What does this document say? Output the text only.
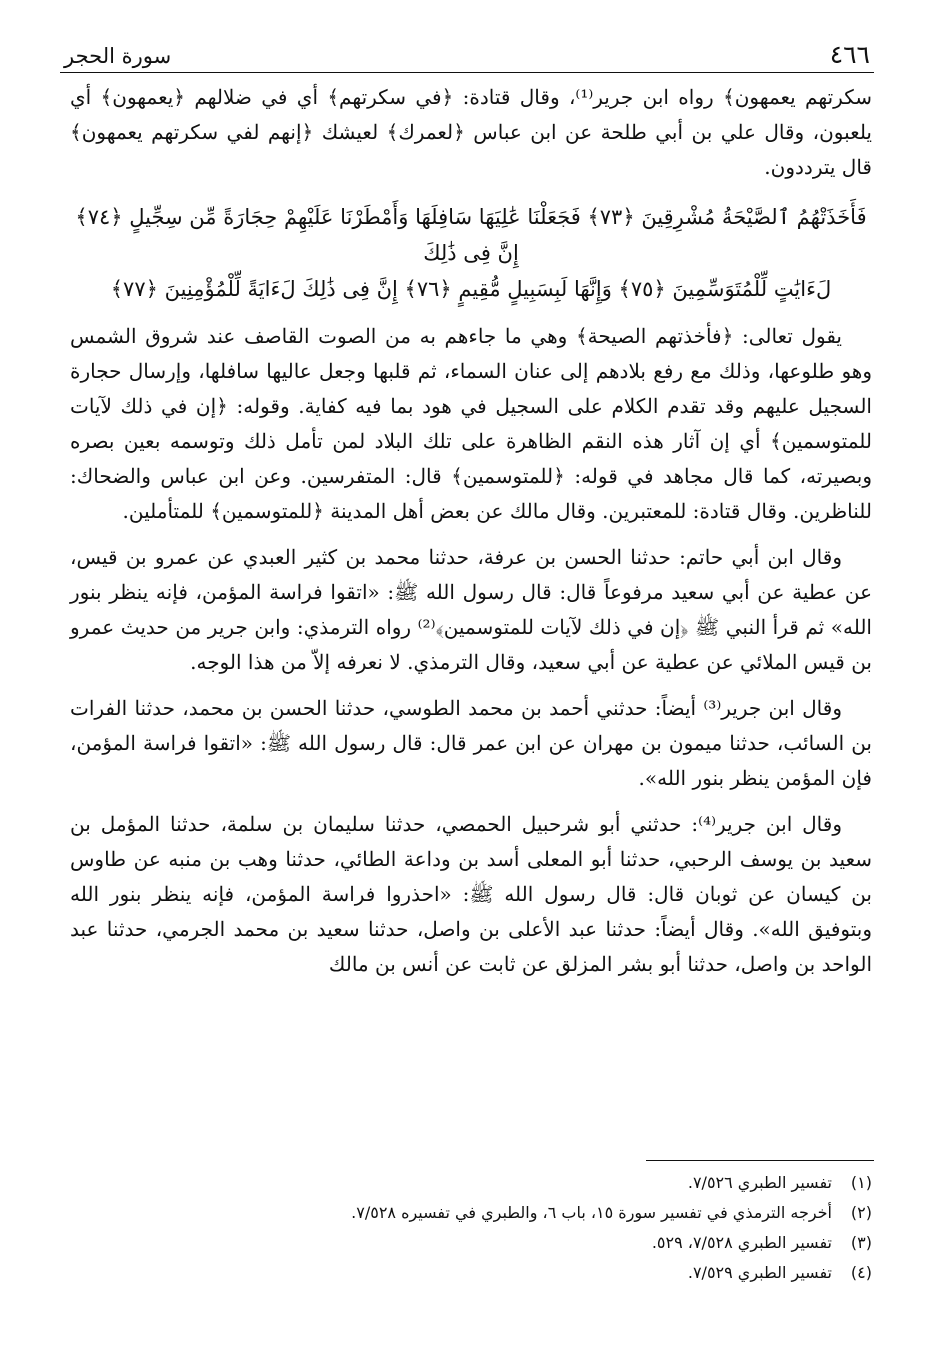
٤٦٦
سورة الحجر

سكرتهم يعمهون﴾ رواه ابن جرير⁽¹⁾، وقال قتادة: ﴿في سكرتهم﴾ أي في ضلالهم ﴿يعمهون﴾ أي يلعبون، وقال علي بن أبي طلحة عن ابن عباس ﴿لعمرك﴾ لعيشك ﴿إنهم لفي سكرتهم يعمهون﴾ قال يترددون.

فَأَخَذَتْهُمُ ٱلصَّيْحَةُ مُشْرِقِينَ ﴿٧٣﴾ فَجَعَلْنَا عَٰلِيَهَا سَافِلَهَا وَأَمْطَرْنَا عَلَيْهِمْ حِجَارَةً مِّن سِجِّيلٍ ﴿٧٤﴾ إِنَّ فِى ذَٰلِكَ
لَءَايَٰتٍ لِّلْمُتَوَسِّمِينَ ﴿٧٥﴾ وَإِنَّهَا لَبِسَبِيلٍ مُّقِيمٍ ﴿٧٦﴾ إِنَّ فِى ذَٰلِكَ لَءَايَةً لِّلْمُؤْمِنِينَ ﴿٧٧﴾

يقول تعالى: ﴿فأخذتهم الصيحة﴾ وهي ما جاءهم به من الصوت القاصف عند شروق الشمس وهو طلوعها، وذلك مع رفع بلادهم إلى عنان السماء، ثم قلبها وجعل عاليها سافلها، وإرسال حجارة السجيل عليهم وقد تقدم الكلام على السجيل في هود بما فيه كفاية. وقوله: ﴿إن في ذلك لآيات للمتوسمين﴾ أي إن آثار هذه النقم الظاهرة على تلك البلاد لمن تأمل ذلك وتوسمه بعين بصره وبصيرته، كما قال مجاهد في قوله: ﴿للمتوسمين﴾ قال: المتفرسين. وعن ابن عباس والضحاك: للناظرين. وقال قتادة: للمعتبرين. وقال مالك عن بعض أهل المدينة ﴿للمتوسمين﴾ للمتأملين.

وقال ابن أبي حاتم: حدثنا الحسن بن عرفة، حدثنا محمد بن كثير العبدي عن عمرو بن قيس، عن عطية عن أبي سعيد مرفوعاً قال: قال رسول الله ﷺ: «اتقوا فراسة المؤمن، فإنه ينظر بنور الله» ثم قرأ النبي ﷺ ﴿إن في ذلك لآيات للمتوسمين﴾⁽²⁾ رواه الترمذي: وابن جرير من حديث عمرو بن قيس الملائي عن عطية عن أبي سعيد، وقال الترمذي. لا نعرفه إلاّ من هذا الوجه.

وقال ابن جرير⁽³⁾ أيضاً: حدثني أحمد بن محمد الطوسي، حدثنا الحسن بن محمد، حدثنا الفرات بن السائب، حدثنا ميمون بن مهران عن ابن عمر قال: قال رسول الله ﷺ: «اتقوا فراسة المؤمن، فإن المؤمن ينظر بنور الله».

وقال ابن جرير⁽⁴⁾: حدثني أبو شرحبيل الحمصي، حدثنا سليمان بن سلمة، حدثنا المؤمل بن سعيد بن يوسف الرحبي، حدثنا أبو المعلى أسد بن وداعة الطائي، حدثنا وهب بن منبه عن طاوس بن كيسان عن ثوبان قال: قال رسول الله ﷺ: «احذروا فراسة المؤمن، فإنه ينظر بنور الله وبتوفيق الله». وقال أيضاً: حدثنا عبد الأعلى بن واصل، حدثنا سعيد بن محمد الجرمي، حدثنا عبد الواحد بن واصل، حدثنا أبو بشر المزلق عن ثابت عن أنس بن مالك

(١)
تفسير الطبري ٧/٥٢٦.
(٢)
أخرجه الترمذي في تفسير سورة ١٥، باب ٦، والطبري في تفسيره ٧/٥٢٨.
(٣)
تفسير الطبري ٧/٥٢٨، ٥٢٩.
(٤)
تفسير الطبري ٧/٥٢٩.
